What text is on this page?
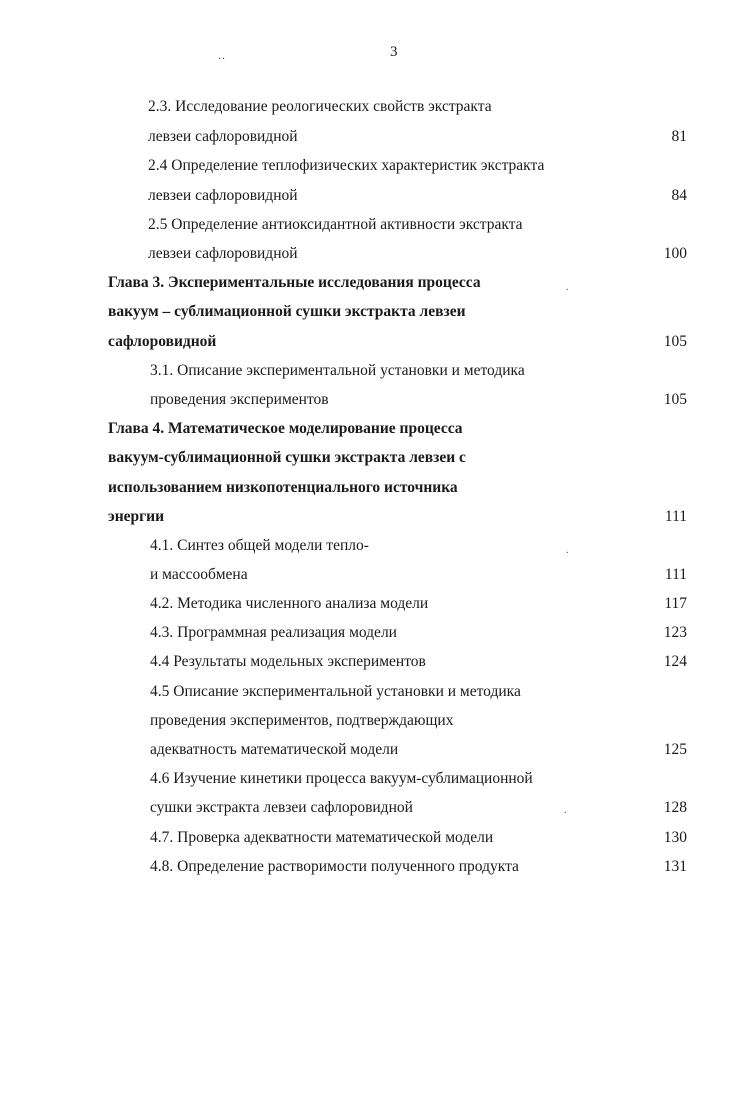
3
..
2.3. Исследование реологических свойств экстракта
левзеи сафлоровидной	81
2.4 Определение теплофизических характеристик экстракта
левзеи сафлоровидной	84
2.5 Определение антиоксидантной активности экстракта
левзеи сафлоровидной	100
Глава 3. Экспериментальные исследования процесса	.
вакуум – сублимационной сушки экстракта левзеи
сафлоровидной	105
3.1. Описание экспериментальной установки и методика
проведения экспериментов	105
Глава 4. Математическое моделирование процесса
вакуум-сублимационной сушки экстракта левзеи с
использованием низкопотенциального источника
энергии	111
4.1. Синтез общей модели тепло-	.
и массообмена	111
4.2. Методика численного анализа модели	117
4.3. Программная реализация модели	123
4.4 Результаты модельных экспериментов	124
4.5 Описание экспериментальной установки и методика
проведения экспериментов, подтверждающих
адекватность математической модели	125
4.6 Изучение кинетики процесса вакуум-сублимационной
сушки экстракта левзеи сафлоровидной	.	128
4.7. Проверка адекватности математической модели	130
4.8. Определение растворимости полученного продукта	131
